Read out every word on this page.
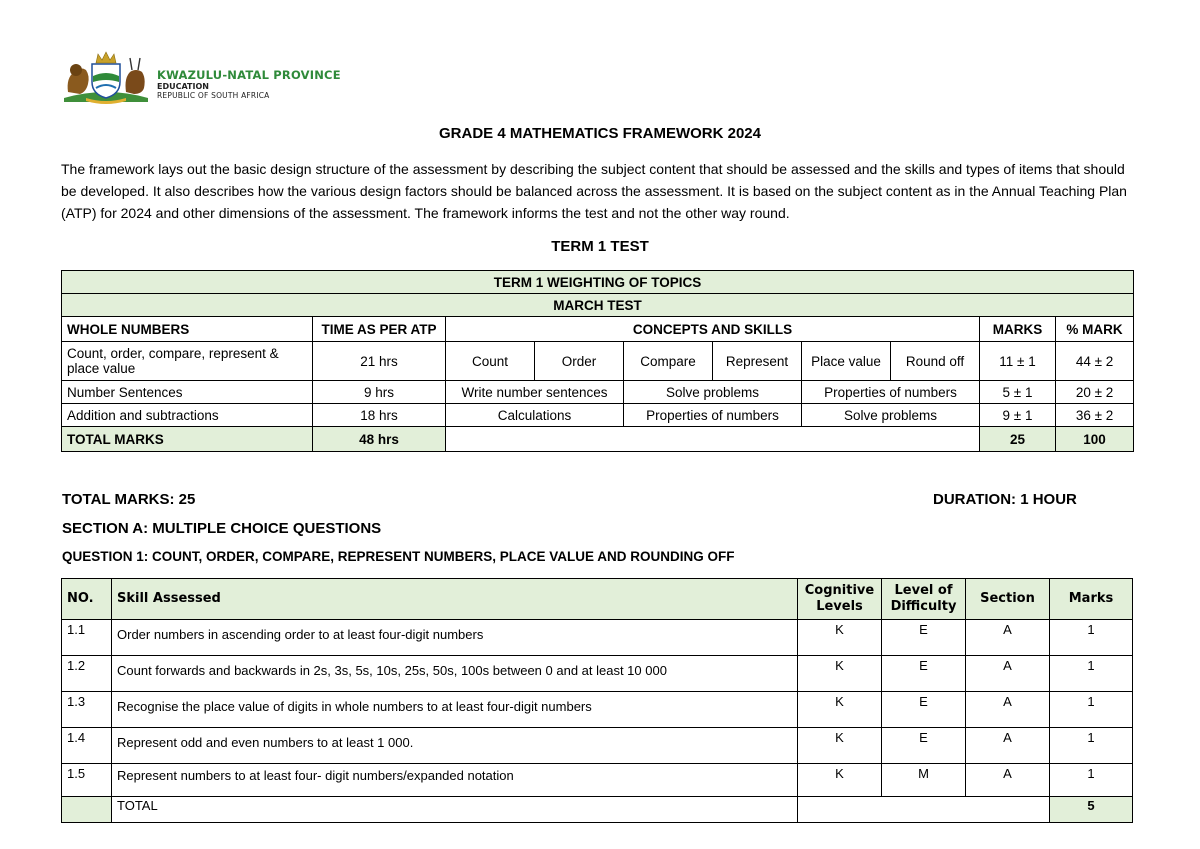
KWAZULU-NATAL PROVINCE
EDUCATION
REPUBLIC OF SOUTH AFRICA
GRADE 4 MATHEMATICS FRAMEWORK 2024
The framework lays out the basic design structure of the assessment by describing the subject content that should be assessed and the skills and types of items that should be developed. It also describes how the various design factors should be balanced across the assessment. It is based on the subject content as in the Annual Teaching Plan (ATP) for 2024 and other dimensions of the assessment. The framework informs the test and not the other way round.
TERM 1 TEST
TERM 1 WEIGHTING OF TOPICS									
MARCH TEST									
WHOLE NUMBERS	TIME AS PER ATP	CONCEPTS AND SKILLS						MARKS	% MARK
Count, order, compare, represent & place value	21 hrs	Count	Order	Compare	Represent	Place value	Round off	11 ± 1	44 ± 2
Number Sentences	9 hrs	Write number sentences		Solve problems		Properties of numbers		5 ± 1	20 ± 2
Addition and subtractions	18 hrs	Calculations		Properties of numbers		Solve problems		9 ± 1	36 ± 2
TOTAL MARKS	48 hrs							25	100
TOTAL MARKS: 25	DURATION: 1 HOUR
SECTION A: MULTIPLE CHOICE QUESTIONS
QUESTION 1: COUNT, ORDER, COMPARE, REPRESENT NUMBERS, PLACE VALUE AND ROUNDING OFF
NO.	Skill Assessed	Cognitive Levels	Level of Difficulty	Section	Marks
1.1	Order numbers in ascending order to at least four-digit numbers	K	E	A	1
1.2	Count forwards and backwards in 2s, 3s, 5s, 10s, 25s, 50s, 100s between 0 and at least 10 000	K	E	A	1
1.3	Recognise the place value of digits in whole numbers to at least four-digit numbers	K	E	A	1
1.4	Represent odd and even numbers to at least 1 000.	K	E	A	1
1.5	Represent numbers to at least four- digit numbers/expanded notation	K	M	A	1
	TOTAL				5
